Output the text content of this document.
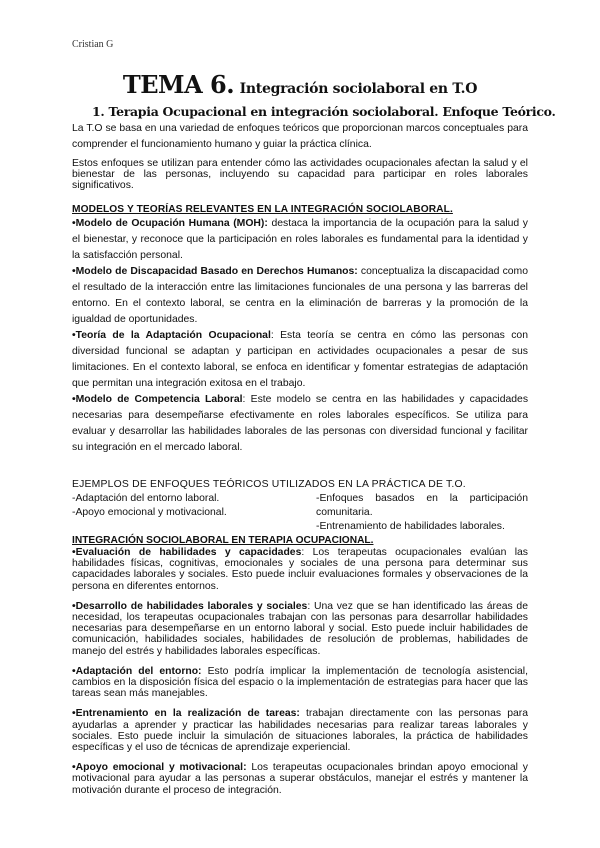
Cristian G
TEMA 6. Integración sociolaboral en T.O
1. Terapia Ocupacional en integración sociolaboral. Enfoque Teórico.

La T.O se basa en una variedad de enfoques teóricos que proporcionan marcos conceptuales para comprender el funcionamiento humano y guiar la práctica clínica.

Estos enfoques se utilizan para entender cómo las actividades ocupacionales afectan la salud y el bienestar de las personas, incluyendo su capacidad para participar en roles laborales significativos.

MODELOS Y TEORÍAS RELEVANTES EN LA INTEGRACIÓN SOCIOLABORAL.

•Modelo de Ocupación Humana (MOH): destaca la importancia de la ocupación para la salud y el bienestar, y reconoce que la participación en roles laborales es fundamental para la identidad y la satisfacción personal.

•Modelo de Discapacidad Basado en Derechos Humanos: conceptualiza la discapacidad como el resultado de la interacción entre las limitaciones funcionales de una persona y las barreras del entorno. En el contexto laboral, se centra en la eliminación de barreras y la promoción de la igualdad de oportunidades.

•Teoría de la Adaptación Ocupacional: Esta teoría se centra en cómo las personas con diversidad funcional se adaptan y participan en actividades ocupacionales a pesar de sus limitaciones. En el contexto laboral, se enfoca en identificar y fomentar estrategias de adaptación que permitan una integración exitosa en el trabajo.

•Modelo de Competencia Laboral: Este modelo se centra en las habilidades y capacidades necesarias para desempeñarse efectivamente en roles laborales específicos. Se utiliza para evaluar y desarrollar las habilidades laborales de las personas con diversidad funcional y facilitar su integración en el mercado laboral.

EJEMPLOS DE ENFOQUES TEÓRICOS UTILIZADOS EN LA PRÁCTICA DE T.O.
-Adaptación del entorno laboral.
-Apoyo emocional y motivacional.
-Enfoques basados en la participación comunitaria.
-Entrenamiento de habilidades laborales.
INTEGRACIÓN SOCIOLABORAL EN TERAPIA OCUPACIONAL.

•Evaluación de habilidades y capacidades: Los terapeutas ocupacionales evalúan las habilidades físicas, cognitivas, emocionales y sociales de una persona para determinar sus capacidades laborales y sociales. Esto puede incluir evaluaciones formales y observaciones de la persona en diferentes entornos.

•Desarrollo de habilidades laborales y sociales: Una vez que se han identificado las áreas de necesidad, los terapeutas ocupacionales trabajan con las personas para desarrollar habilidades necesarias para desempeñarse en un entorno laboral y social. Esto puede incluir habilidades de comunicación, habilidades sociales, habilidades de resolución de problemas, habilidades de manejo del estrés y habilidades laborales específicas.

•Adaptación del entorno: Esto podría implicar la implementación de tecnología asistencial, cambios en la disposición física del espacio o la implementación de estrategias para hacer que las tareas sean más manejables.

•Entrenamiento en la realización de tareas: trabajan directamente con las personas para ayudarlas a aprender y practicar las habilidades necesarias para realizar tareas laborales y sociales. Esto puede incluir la simulación de situaciones laborales, la práctica de habilidades específicas y el uso de técnicas de aprendizaje experiencial.

•Apoyo emocional y motivacional: Los terapeutas ocupacionales brindan apoyo emocional y motivacional para ayudar a las personas a superar obstáculos, manejar el estrés y mantener la motivación durante el proceso de integración.
